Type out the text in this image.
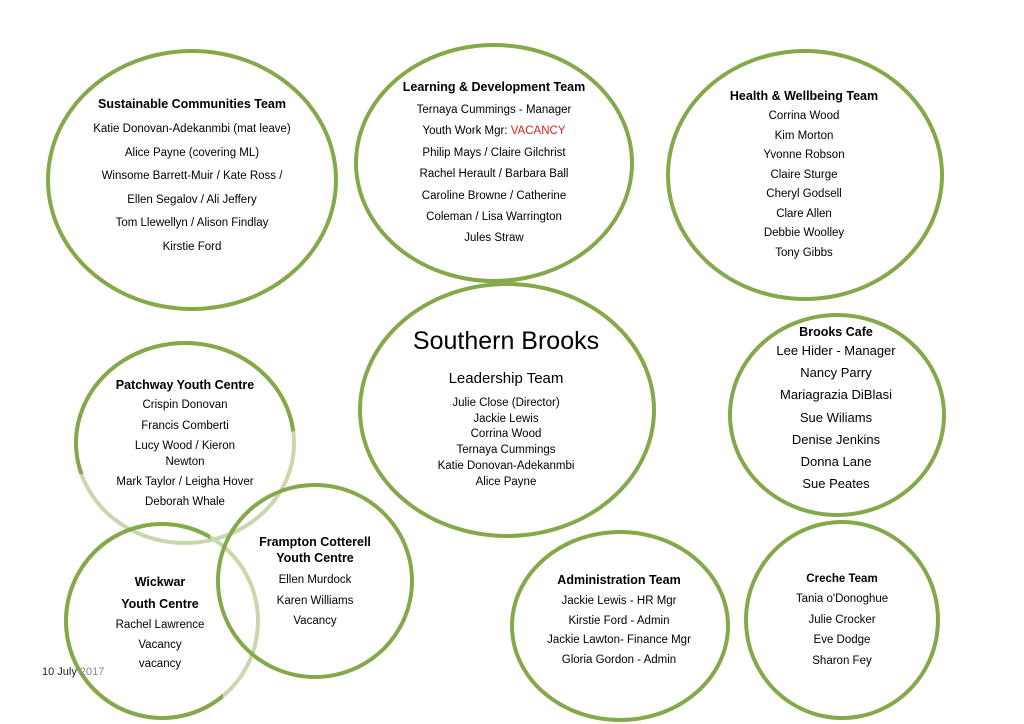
Sustainable Communities Team
Katie Donovan-Adekanmbi (mat leave)
Alice Payne (covering ML)
Winsome Barrett-Muir / Kate Ross /
Ellen Segalov / Ali Jeffery
Tom Llewellyn / Alison Findlay
Kirstie Ford
Learning & Development Team
Ternaya Cummings - Manager
Youth Work Mgr: VACANCY
Philip Mays / Claire Gilchrist
Rachel Herault / Barbara Ball
Caroline Browne / Catherine
Coleman / Lisa Warrington
Jules Straw
Health & Wellbeing Team
Corrina Wood
Kim Morton
Yvonne Robson
Claire Sturge
Cheryl Godsell
Clare Allen
Debbie Woolley
Tony Gibbs
Southern Brooks
Leadership Team
Julie Close (Director)
Jackie Lewis
Corrina Wood
Ternaya Cummings
Katie Donovan-Adekanmbi
Alice Payne
Brooks Cafe
Lee Hider - Manager
Nancy Parry
Mariagrazia DiBlasi
Sue Wiliams
Denise Jenkins
Donna Lane
Sue Peates
Patchway Youth Centre
Crispin Donovan
Francis Comberti
Lucy Wood / Kieron
Newton
Mark Taylor / Leigha Hover
Deborah Whale
Frampton Cotterell
Youth Centre
Ellen Murdock
Karen Williams
Vacancy
Wickwar
Youth Centre
Rachel Lawrence
Vacancy
vacancy
Administration Team
Jackie Lewis - HR Mgr
Kirstie Ford - Admin
Jackie Lawton- Finance Mgr
Gloria Gordon - Admin
Creche Team
Tania o'Donoghue
Julie Crocker
Eve Dodge
Sharon Fey
10 July 2017
